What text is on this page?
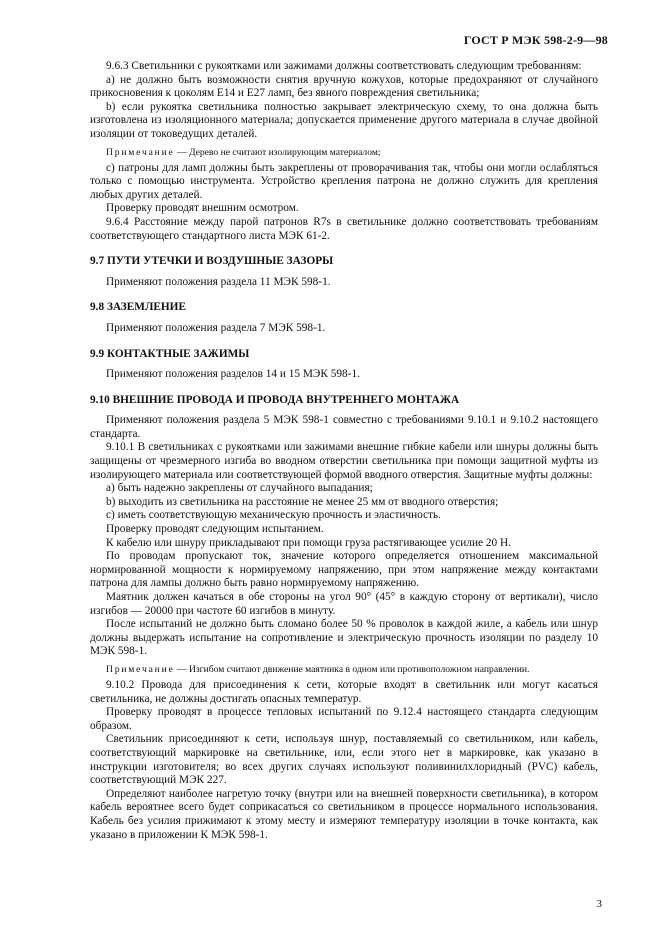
ГОСТ Р МЭК 598-2-9—98

9.6.3 Светильники с рукоятками или зажимами должны соответствовать следующим требованиям:

a) не должно быть возможности снятия вручную кожухов, которые предохраняют от случайного прикосновения к цоколям E14 и E27 ламп, без явного повреждения светильника;

b) если рукоятка светильника полностью закрывает электрическую схему, то она должна быть изготовлена из изоляционного материала; допускается применение другого материала в случае двойной изоляции от токоведущих деталей.

Примечание — Дерево не считают изолирующим материалом;

c) патроны для ламп должны быть закреплены от проворачивания так, чтобы они могли ослабляться только с помощью инструмента. Устройство крепления патрона не должно служить для крепления любых других деталей.

Проверку проводят внешним осмотром.

9.6.4 Расстояние между парой патронов R7s в светильнике должно соответствовать требованиям соответствующего стандартного листа МЭК 61-2.

9.7 ПУТИ УТЕЧКИ И ВОЗДУШНЫЕ ЗАЗОРЫ

Применяют положения раздела 11 МЭК 598-1.

9.8 ЗАЗЕМЛЕНИЕ

Применяют положения раздела 7 МЭК 598-1.

9.9 КОНТАКТНЫЕ ЗАЖИМЫ

Применяют положения разделов 14 и 15 МЭК 598-1.

9.10 ВНЕШНИЕ ПРОВОДА И ПРОВОДА ВНУТРЕННЕГО МОНТАЖА

Применяют положения раздела 5 МЭК 598-1 совместно с требованиями 9.10.1 и 9.10.2 настоящего стандарта.

9.10.1 В светильниках с рукоятками или зажимами внешние гибкие кабели или шнуры должны быть защищены от чрезмерного изгиба во вводном отверстии светильника при помощи защитной муфты из изолирующего материала или соответствующей формой вводного отверстия. Защитные муфты должны:

a) быть надежно закреплены от случайного выпадания;

b) выходить из светильника на расстояние не менее 25 мм от вводного отверстия;

c) иметь соответствующую механическую прочность и эластичность.

Проверку проводят следующим испытанием.

К кабелю или шнуру прикладывают при помощи груза растягивающее усилие 20 Н.

По проводам пропускают ток, значение которого определяется отношением максимальной нормированной мощности к нормируемому напряжению, при этом напряжение между контактами патрона для лампы должно быть равно нормируемому напряжению.

Маятник должен качаться в обе стороны на угол 90° (45° в каждую сторону от вертикали), число изгибов — 20000 при частоте 60 изгибов в минуту.

После испытаний не должно быть сломано более 50 % проволок в каждой жиле, а кабель или шнур должны выдержать испытание на сопротивление и электрическую прочность изоляции по разделу 10 МЭК 598-1.

Примечание — Изгибом считают движение маятника в одном или противоположном направлении.

9.10.2 Провода для присоединения к сети, которые входят в светильник или могут касаться светильника, не должны достигать опасных температур.

Проверку проводят в процессе тепловых испытаний по 9.12.4 настоящего стандарта следующим образом.

Светильник присоединяют к сети, используя шнур, поставляемый со светильником, или кабель, соответствующий маркировке на светильнике, или, если этого нет в маркировке, как указано в инструкции изготовителя; во всех других случаях используют поливинилхлоридный (PVC) кабель, соответствующий МЭК 227.

Определяют наиболее нагретую точку (внутри или на внешней поверхности светильника), в котором кабель вероятнее всего будет соприкасаться со светильником в процессе нормального использования. Кабель без усилия прижимают к этому месту и измеряют температуру изоляции в точке контакта, как указано в приложении К МЭК 598-1.

3
